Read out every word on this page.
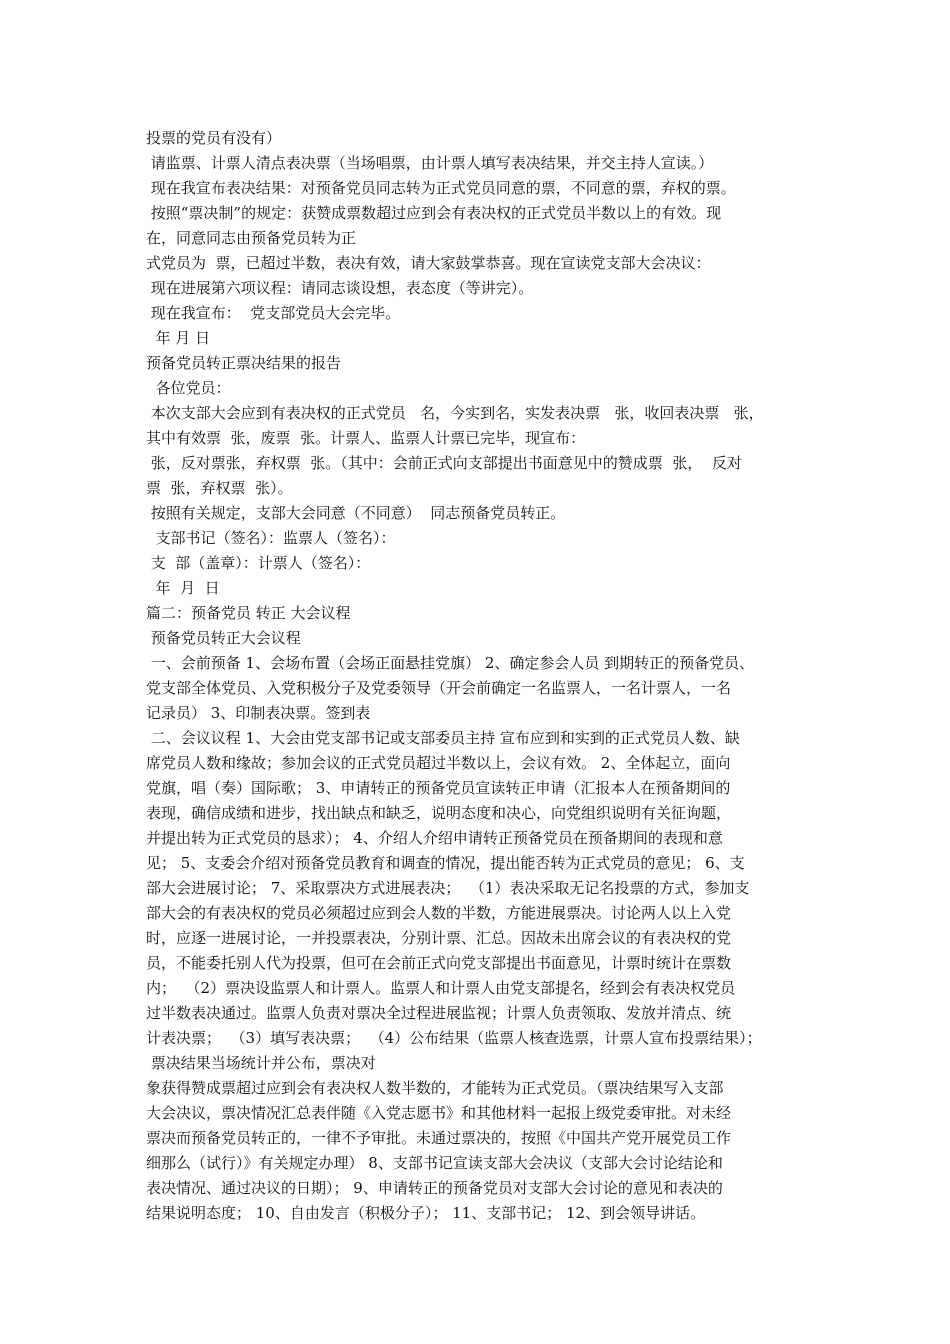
投票的党员有没有）
请监票、计票人清点表决票（当场唱票，由计票人填写表决结果，并交主持人宣读。）
现在我宣布表决结果：对预备党员同志转为正式党员同意的票，不同意的票，弃权的票。
按照“票决制”的规定：获赞成票数超过应到会有表决权的正式党员半数以上的有效。现
在，同意同志由预备党员转为正
式党员为  票，已超过半数，表决有效，请大家鼓掌恭喜。现在宣读党支部大会决议：
现在进展第六项议程：请同志谈设想，表态度（等讲完）。
现在我宣布：  党支部党员大会完毕。
年 月 日
预备党员转正票决结果的报告
各位党员：
本次支部大会应到有表决权的正式党员   名，今实到名，实发表决票   张，收回表决票   张，
其中有效票  张，废票  张。计票人、监票人计票已完毕，现宣布：
张，反对票张，弃权票  张。（其中：会前正式向支部提出书面意见中的赞成票  张，  反对
票  张，弃权票  张）。
按照有关规定，支部大会同意（不同意）  同志预备党员转正。
支部书记（签名）：监票人（签名）：
支  部（盖章）：计票人（签名）：
年  月  日
篇二：预备党员 转正 大会议程
预备党员转正大会议程
一、会前预备 1、会场布置（会场正面悬挂党旗） 2、确定参会人员 到期转正的预备党员、
党支部全体党员、入党积极分子及党委领导（开会前确定一名监票人，一名计票人，一名
记录员） 3、印制表决票。签到表
二、会议议程 1、大会由党支部书记或支部委员主持 宣布应到和实到的正式党员人数、缺
席党员人数和缘故；参加会议的正式党员超过半数以上，会议有效。 2、全体起立，面向
党旗，唱（奏）国际歌； 3、申请转正的预备党员宣读转正申请（汇报本人在预备期间的
表现，确信成绩和进步，找出缺点和缺乏，说明态度和决心，向党组织说明有关征询题，
并提出转为正式党员的恳求）； 4、介绍人介绍申请转正预备党员在预备期间的表现和意
见； 5、支委会介绍对预备党员教育和调查的情况，提出能否转为正式党员的意见； 6、支
部大会进展讨论； 7、采取票决方式进展表决；  （1）表决采取无记名投票的方式，参加支
部大会的有表决权的党员必须超过应到会人数的半数，方能进展票决。讨论两人以上入党
时，应逐一进展讨论，一并投票表决，分别计票、汇总。因故未出席会议的有表决权的党
员，不能委托别人代为投票，但可在会前正式向党支部提出书面意见，计票时统计在票数
内；  （2）票决设监票人和计票人。监票人和计票人由党支部提名，经到会有表决权党员
过半数表决通过。监票人负责对票决全过程进展监视；计票人负责领取、发放并清点、统
计表决票；  （3）填写表决票；  （4）公布结果（监票人核查选票，计票人宣布投票结果）；
票决结果当场统计并公布，票决对
象获得赞成票超过应到会有表决权人数半数的，才能转为正式党员。（票决结果写入支部
大会决议，票决情况汇总表伴随《入党志愿书》和其他材料一起报上级党委审批。对未经
票决而预备党员转正的，一律不予审批。未通过票决的，按照《中国共产党开展党员工作
细那么（试行）》有关规定办理） 8、支部书记宣读支部大会决议（支部大会讨论结论和
表决情况、通过决议的日期）； 9、申请转正的预备党员对支部大会讨论的意见和表决的
结果说明态度； 10、自由发言（积极分子）； 11、支部书记； 12、到会领导讲话。
